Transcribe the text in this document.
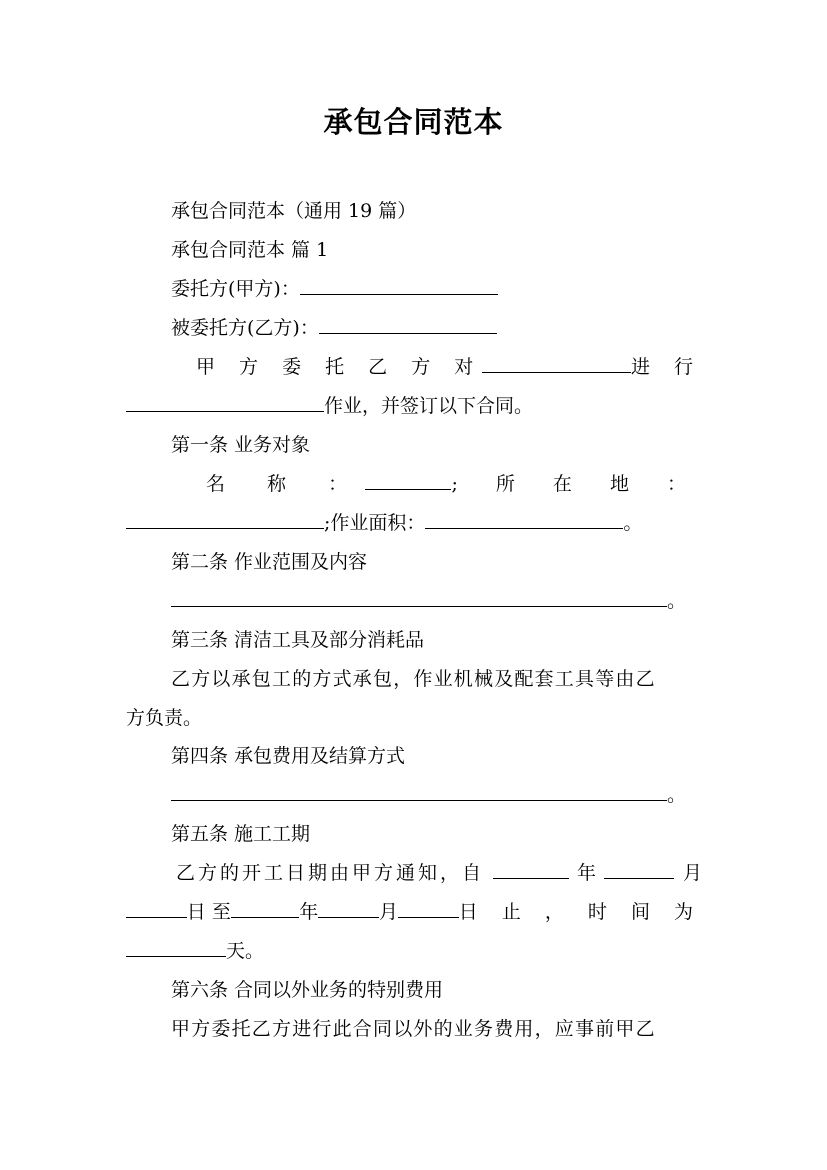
承包合同范本
承包合同范本（通用 19 篇）
承包合同范本 篇 1
委托方(甲方)：
被委托方(乙方)：
甲 方 委 托 乙 方 对	进 行
作业，并签订以下合同。
第一条 业务对象
名 称 ：	; 所 在 地 ：
;作业面积：	。
第二条 作业范围及内容
。
第三条 清洁工具及部分消耗品
乙方以承包工的方式承包，作业机械及配套工具等由乙
方负责。
第四条 承包费用及结算方式
。
第五条 施工工期
乙方的开工日期由甲方通知，自	年	月
日 至	年	月	日 止 ， 时 间 为
天。
第六条 合同以外业务的特别费用
甲方委托乙方进行此合同以外的业务费用，应事前甲乙
